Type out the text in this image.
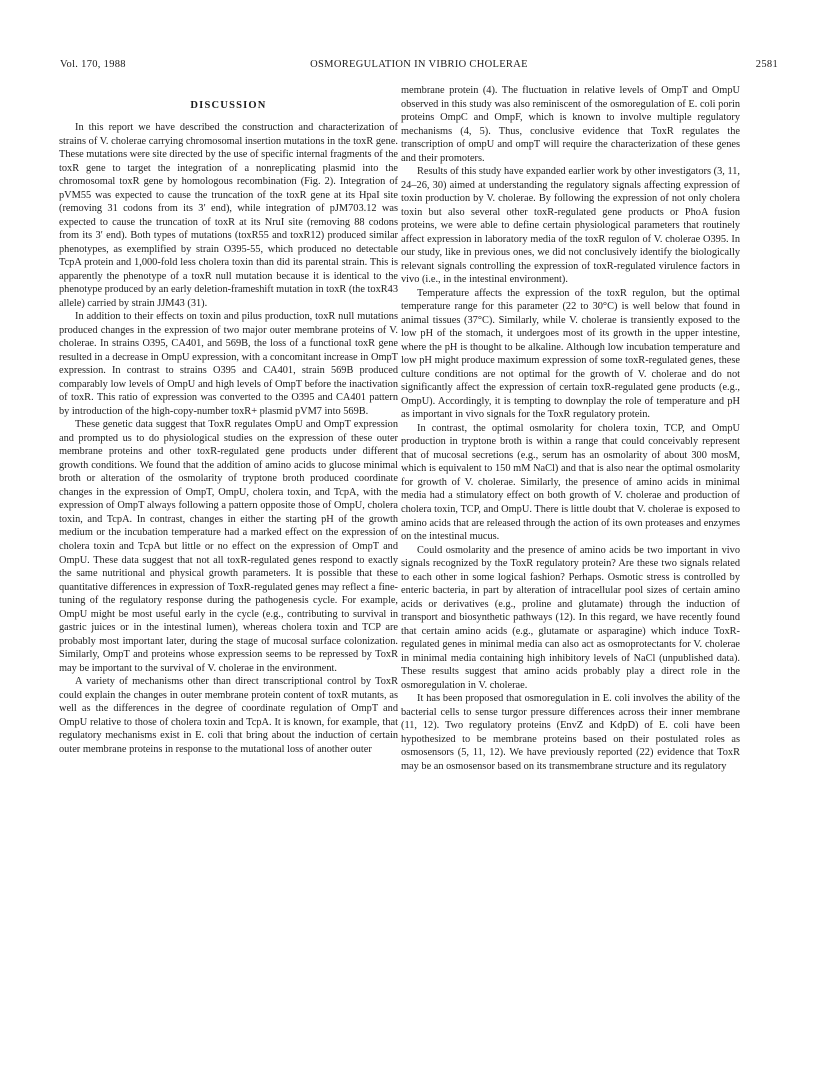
Vol. 170, 1988	OSMOREGULATION IN VIBRIO CHOLERAE	2581
DISCUSSION

In this report we have described the construction and characterization of strains of V. cholerae carrying chromosomal insertion mutations in the toxR gene. These mutations were site directed by the use of specific internal fragments of the toxR gene to target the integration of a nonreplicating plasmid into the chromosomal toxR gene by homologous recombination (Fig. 2). Integration of pVM55 was expected to cause the truncation of the toxR gene at its HpaI site (removing 31 codons from its 3′ end), while integration of pJM703.12 was expected to cause the truncation of toxR at its NruI site (removing 88 codons from its 3′ end). Both types of mutations (toxR55 and toxR12) produced similar phenotypes, as exemplified by strain O395-55, which produced no detectable TcpA protein and 1,000-fold less cholera toxin than did its parental strain. This is apparently the phenotype of a toxR null mutation because it is identical to the phenotype produced by an early deletion-frameshift mutation in toxR (the toxR43 allele) carried by strain JJM43 (31).

In addition to their effects on toxin and pilus production, toxR null mutations produced changes in the expression of two major outer membrane proteins of V. cholerae. In strains O395, CA401, and 569B, the loss of a functional toxR gene resulted in a decrease in OmpU expression, with a concomitant increase in OmpT expression. In contrast to strains O395 and CA401, strain 569B produced comparably low levels of OmpU and high levels of OmpT before the inactivation of toxR. This ratio of expression was converted to the O395 and CA401 pattern by introduction of the high-copy-number toxR+ plasmid pVM7 into 569B.

These genetic data suggest that ToxR regulates OmpU and OmpT expression and prompted us to do physiological studies on the expression of these outer membrane proteins and other toxR-regulated gene products under different growth conditions. We found that the addition of amino acids to glucose minimal broth or alteration of the osmolarity of tryptone broth produced coordinate changes in the expression of OmpT, OmpU, cholera toxin, and TcpA, with the expression of OmpT always following a pattern opposite those of OmpU, cholera toxin, and TcpA. In contrast, changes in either the starting pH of the growth medium or the incubation temperature had a marked effect on the expression of cholera toxin and TcpA but little or no effect on the expression of OmpT and OmpU. These data suggest that not all toxR-regulated genes respond to exactly the same nutritional and physical growth parameters. It is possible that these quantitative differences in expression of ToxR-regulated genes may reflect a fine-tuning of the regulatory response during the pathogenesis cycle. For example, OmpU might be most useful early in the cycle (e.g., contributing to survival in gastric juices or in the intestinal lumen), whereas cholera toxin and TCP are probably most important later, during the stage of mucosal surface colonization. Similarly, OmpT and proteins whose expression seems to be repressed by ToxR may be important to the survival of V. cholerae in the environment.

A variety of mechanisms other than direct transcriptional control by ToxR could explain the changes in outer membrane protein content of toxR mutants, as well as the differences in the degree of coordinate regulation of OmpT and OmpU relative to those of cholera toxin and TcpA. It is known, for example, that regulatory mechanisms exist in E. coli that bring about the induction of certain outer membrane proteins in response to the mutational loss of another outer

membrane protein (4). The fluctuation in relative levels of OmpT and OmpU observed in this study was also reminiscent of the osmoregulation of E. coli porin proteins OmpC and OmpF, which is known to involve multiple regulatory mechanisms (4, 5). Thus, conclusive evidence that ToxR regulates the transcription of ompU and ompT will require the characterization of these genes and their promoters.

Results of this study have expanded earlier work by other investigators (3, 11, 24–26, 30) aimed at understanding the regulatory signals affecting expression of toxin production by V. cholerae. By following the expression of not only cholera toxin but also several other toxR-regulated gene products or PhoA fusion proteins, we were able to define certain physiological parameters that routinely affect expression in laboratory media of the toxR regulon of V. cholerae O395. In our study, like in previous ones, we did not conclusively identify the biologically relevant signals controlling the expression of toxR-regulated virulence factors in vivo (i.e., in the intestinal environment).

Temperature affects the expression of the toxR regulon, but the optimal temperature range for this parameter (22 to 30°C) is well below that found in animal tissues (37°C). Similarly, while V. cholerae is transiently exposed to the low pH of the stomach, it undergoes most of its growth in the upper intestine, where the pH is thought to be alkaline. Although low incubation temperature and low pH might produce maximum expression of some toxR-regulated genes, these culture conditions are not optimal for the growth of V. cholerae and do not significantly affect the expression of certain toxR-regulated gene products (e.g., OmpU). Accordingly, it is tempting to downplay the role of temperature and pH as important in vivo signals for the ToxR regulatory protein.

In contrast, the optimal osmolarity for cholera toxin, TCP, and OmpU production in tryptone broth is within a range that could conceivably represent that of mucosal secretions (e.g., serum has an osmolarity of about 300 mosM, which is equivalent to 150 mM NaCl) and that is also near the optimal osmolarity for growth of V. cholerae. Similarly, the presence of amino acids in minimal media had a stimulatory effect on both growth of V. cholerae and production of cholera toxin, TCP, and OmpU. There is little doubt that V. cholerae is exposed to amino acids that are released through the action of its own proteases and enzymes on the intestinal mucus.

Could osmolarity and the presence of amino acids be two important in vivo signals recognized by the ToxR regulatory protein? Are these two signals related to each other in some logical fashion? Perhaps. Osmotic stress is controlled by enteric bacteria, in part by alteration of intracellular pool sizes of certain amino acids or derivatives (e.g., proline and glutamate) through the induction of transport and biosynthetic pathways (12). In this regard, we have recently found that certain amino acids (e.g., glutamate or asparagine) which induce ToxR-regulated genes in minimal media can also act as osmoprotectants for V. cholerae in minimal media containing high inhibitory levels of NaCl (unpublished data). These results suggest that amino acids probably play a direct role in the osmoregulation in V. cholerae.

It has been proposed that osmoregulation in E. coli involves the ability of the bacterial cells to sense turgor pressure differences across their inner membrane (11, 12). Two regulatory proteins (EnvZ and KdpD) of E. coli have been hypothesized to be membrane proteins based on their postulated roles as osmosensors (5, 11, 12). We have previously reported (22) evidence that ToxR may be an osmosensor based on its transmembrane structure and its regulatory
